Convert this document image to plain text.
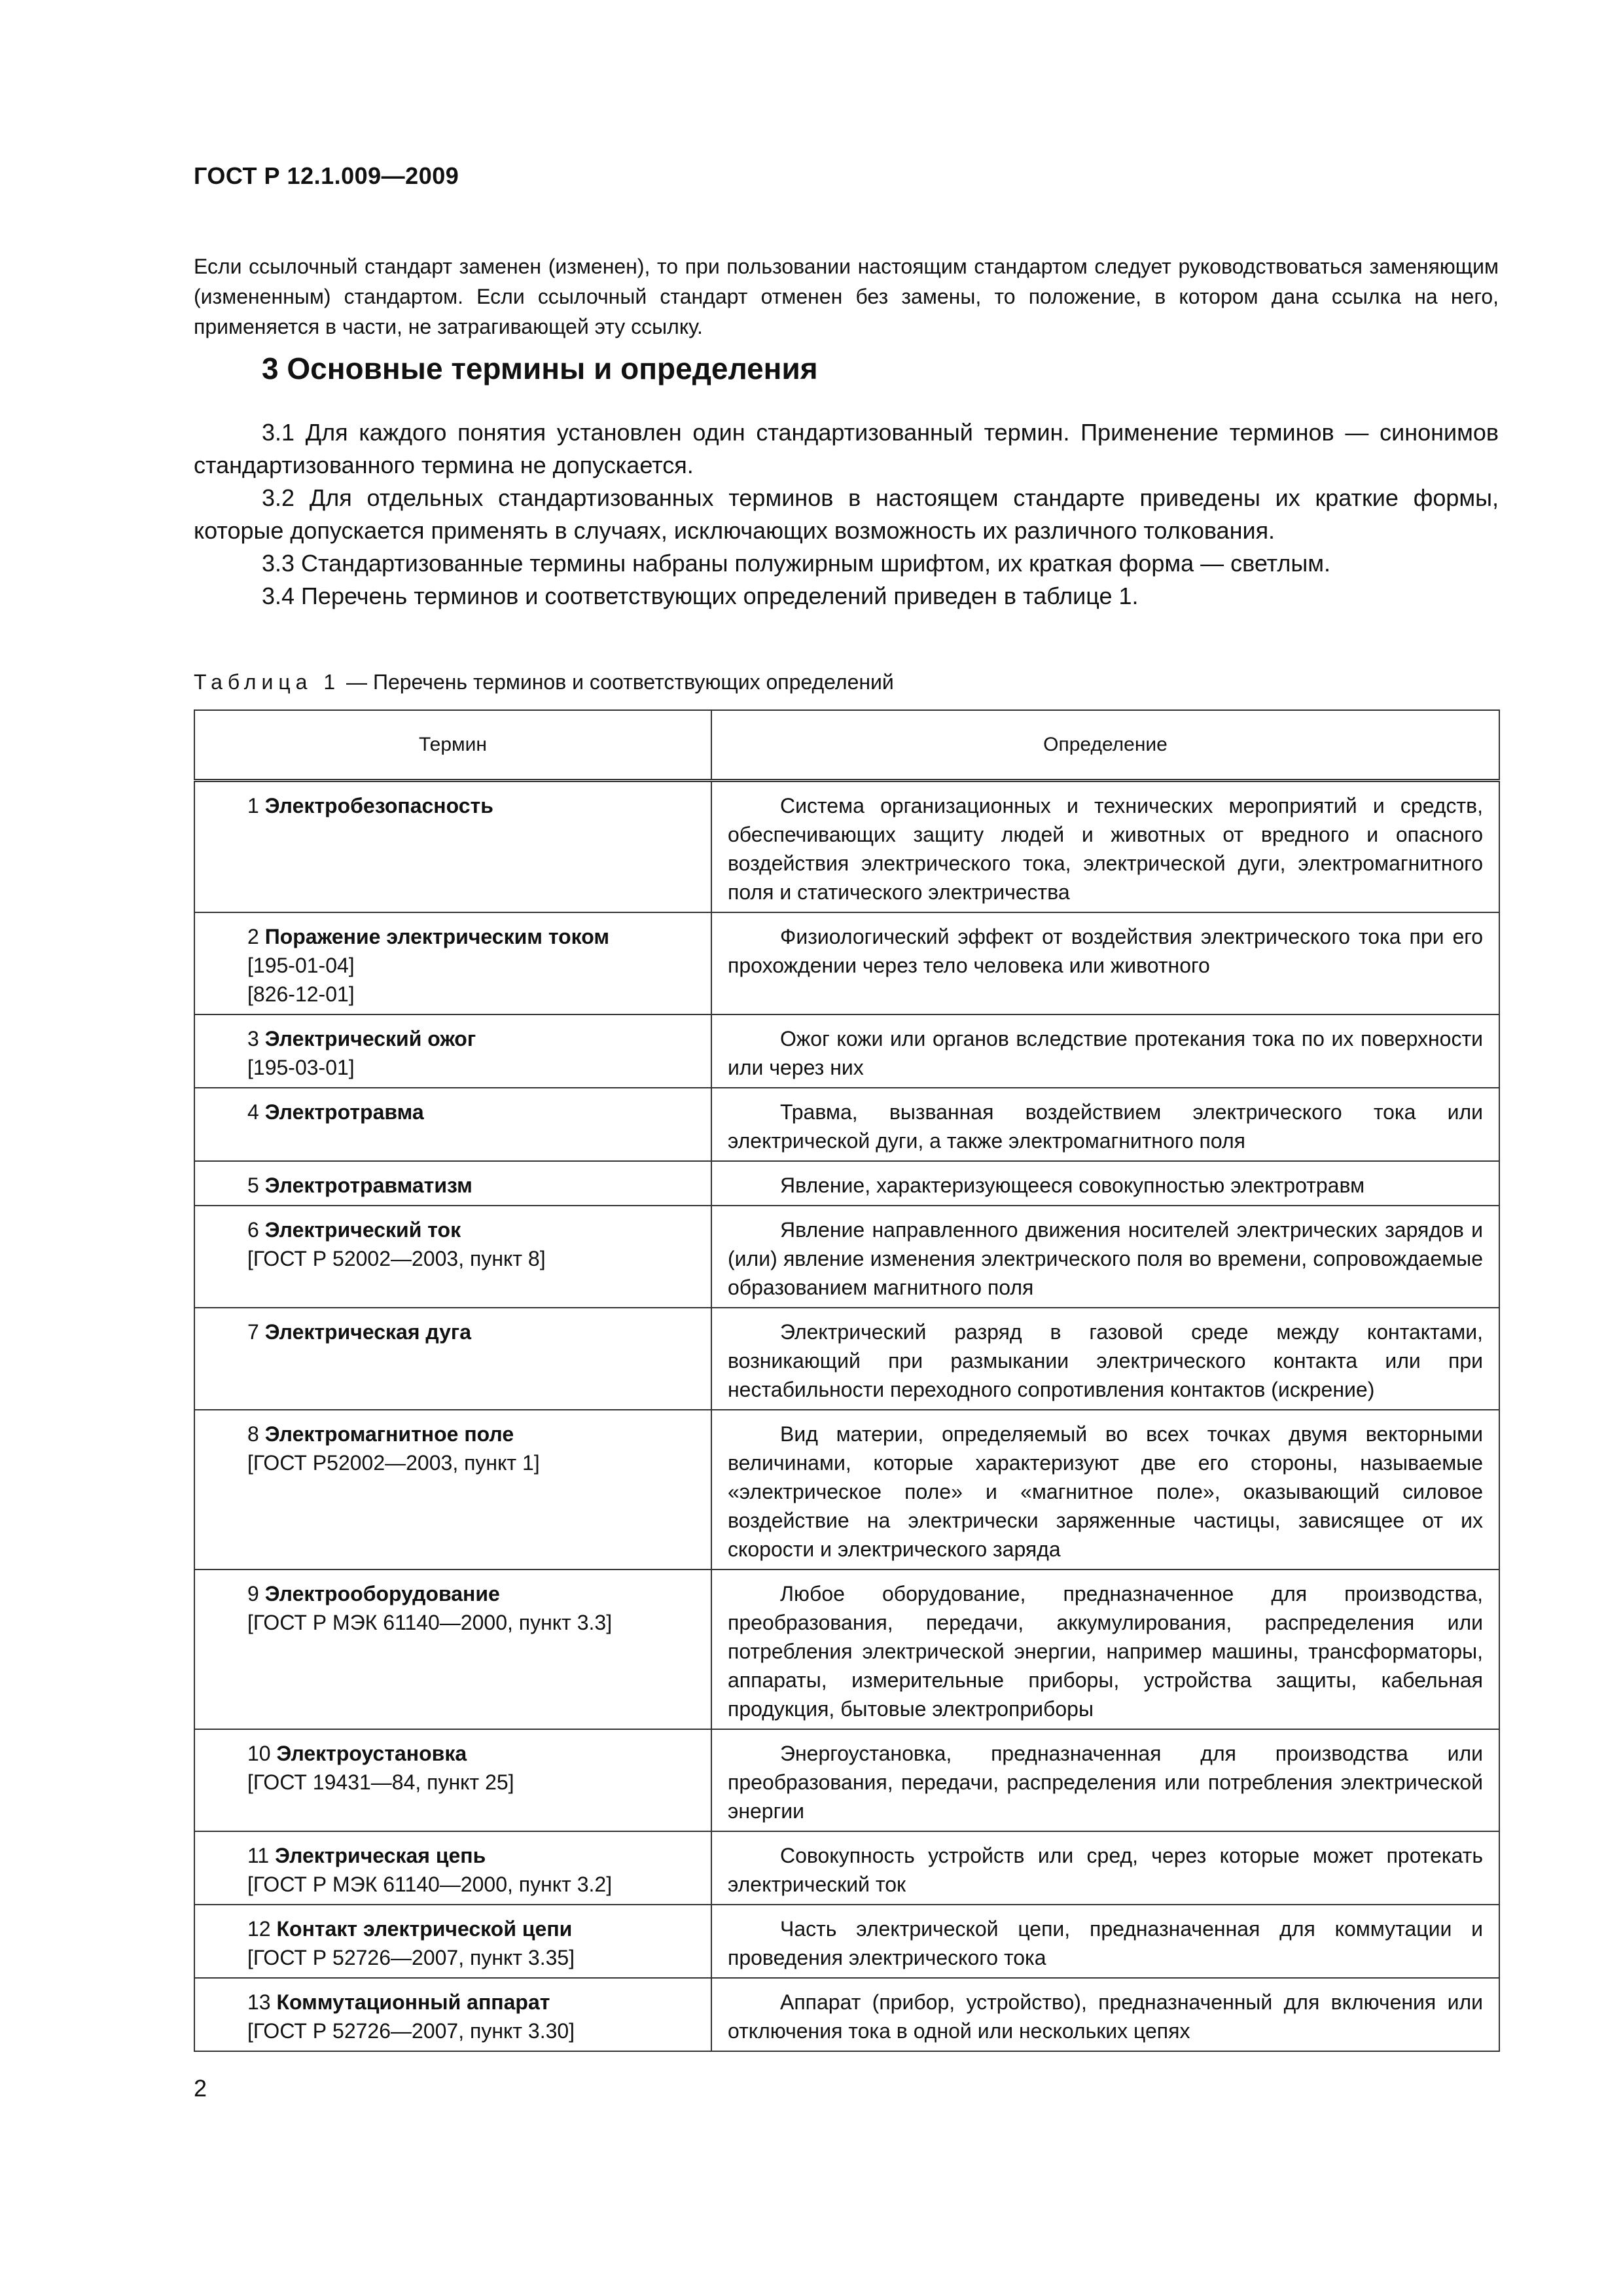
ГОСТ Р 12.1.009—2009

Если ссылочный стандарт заменен (изменен), то при пользовании настоящим стандартом следует руководствоваться заменяющим (измененным) стандартом. Если ссылочный стандарт отменен без замены, то положение, в котором дана ссылка на него, применяется в части, не затрагивающей эту ссылку.

3 Основные термины и определения

3.1 Для каждого понятия установлен один стандартизованный термин. Применение терминов — синонимов стандартизованного термина не допускается.

3.2 Для отдельных стандартизованных терминов в настоящем стандарте приведены их краткие формы, которые допускается применять в случаях, исключающих возможность их различного толкования.

3.3 Стандартизованные термины набраны полужирным шрифтом, их краткая форма — светлым.

3.4 Перечень терминов и соответствующих определений приведен в таблице 1.

Таблица 1 — Перечень терминов и соответствующих определений
Термин	Определение
1 Электробезопасность	Система организационных и технических мероприятий и средств, обеспечивающих защиту людей и животных от вредного и опасного воздействия электрического тока, электрической дуги, электромагнитного поля и статического электричества

2 Поражение электрическим током
[195-01-04]
[826-12-01]	Физиологический эффект от воздействия электрического тока при его прохождении через тело человека или животного

3 Электрический ожог
[195-03-01]	Ожог кожи или органов вследствие протекания тока по их поверхности или через них

4 Электротравма	Травма, вызванная воздействием электрического тока или электрической дуги, а также электромагнитного поля

5 Электротравматизм	Явление, характеризующееся совокупностью электротравм

6 Электрический ток
[ГОСТ Р 52002—2003, пункт 8]	Явление направленного движения носителей электрических зарядов и (или) явление изменения электрического поля во времени, сопровождаемые образованием магнитного поля

7 Электрическая дуга	Электрический разряд в газовой среде между контактами, возникающий при размыкании электрического контакта или при нестабильности переходного сопротивления контактов (искрение)

8 Электромагнитное поле
[ГОСТ Р52002—2003, пункт 1]	Вид материи, определяемый во всех точках двумя векторными величинами, которые характеризуют две его стороны, называемые «электрическое поле» и «магнитное поле», оказывающий силовое воздействие на электрически заряженные частицы, зависящее от их скорости и электрического заряда

9 Электрооборудование
[ГОСТ Р МЭК 61140—2000, пункт 3.3]	Любое оборудование, предназначенное для производства, преобразования, передачи, аккумулирования, распределения или потребления электрической энергии, например машины, трансформаторы, аппараты, измерительные приборы, устройства защиты, кабельная продукция, бытовые электроприборы

10 Электроустановка
[ГОСТ 19431—84, пункт 25]	Энергоустановка, предназначенная для производства или преобразования, передачи, распределения или потребления электрической энергии

11 Электрическая цепь
[ГОСТ Р МЭК 61140—2000, пункт 3.2]	Совокупность устройств или сред, через которые может протекать электрический ток

12 Контакт электрической цепи
[ГОСТ Р 52726—2007, пункт 3.35]	Часть электрической цепи, предназначенная для коммутации и проведения электрического тока

13 Коммутационный аппарат
[ГОСТ Р 52726—2007, пункт 3.30]	Аппарат (прибор, устройство), предназначенный для включения или отключения тока в одной или нескольких цепях
2
